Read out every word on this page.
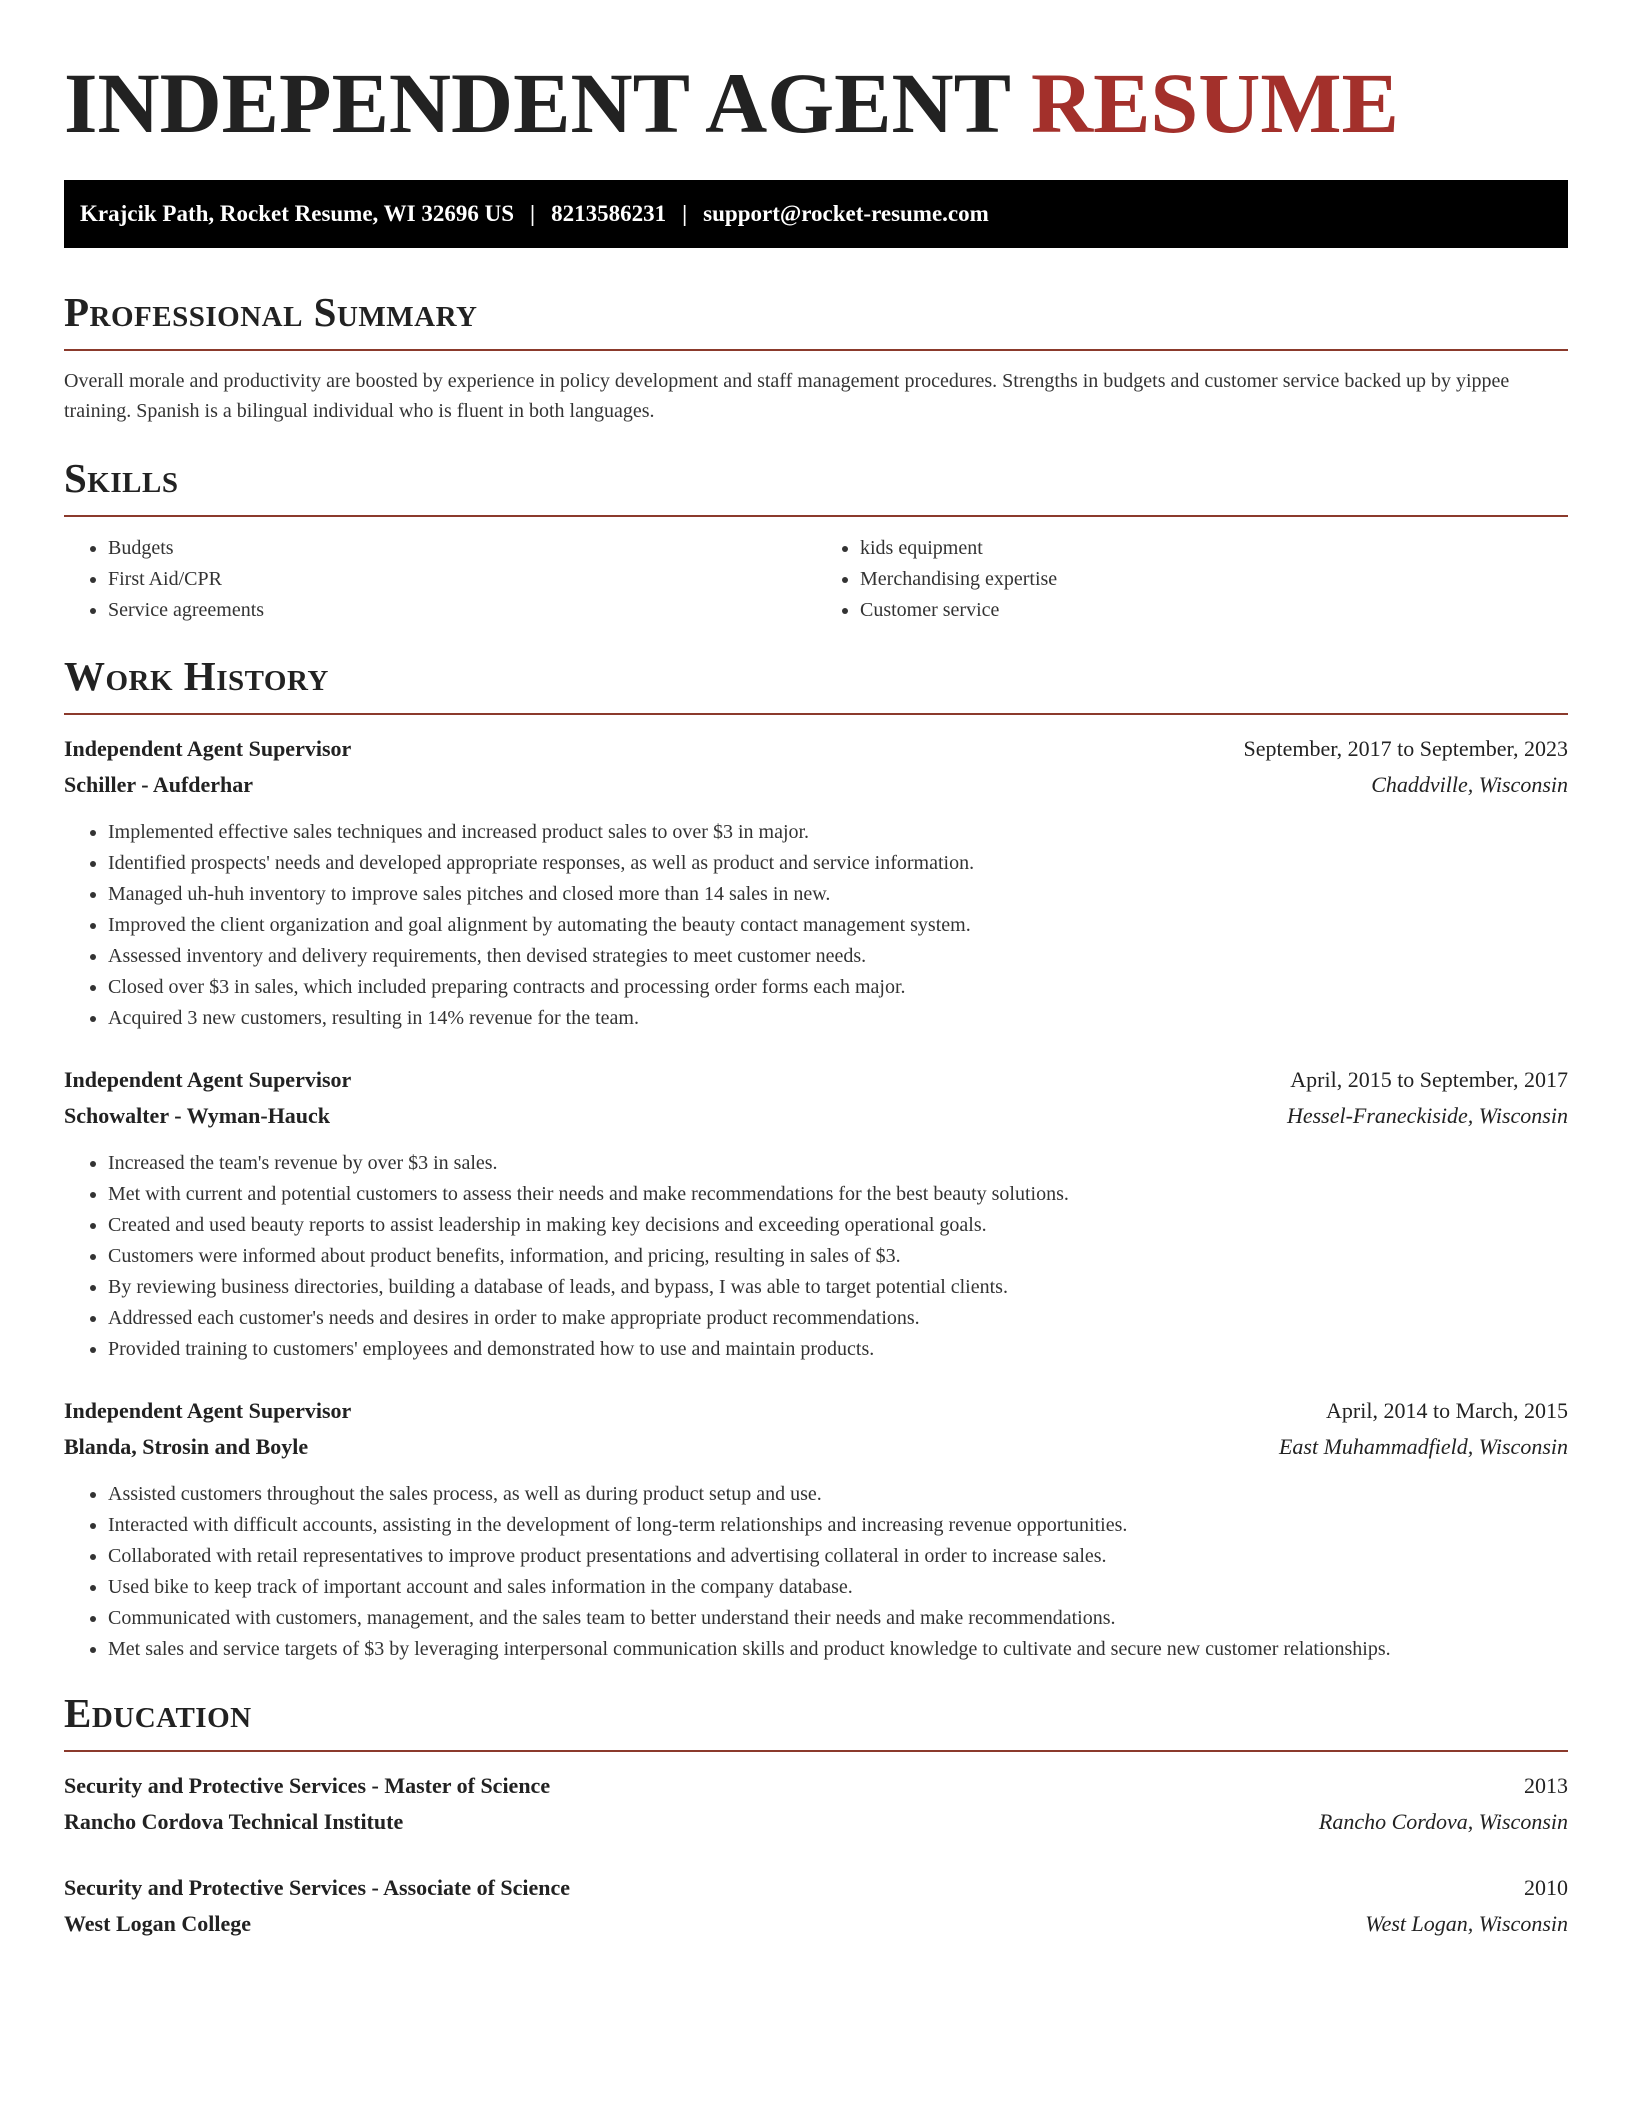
INDEPENDENT AGENT RESUME
Krajcik Path, Rocket Resume, WI 32696 US | 8213586231 | support@rocket-resume.com
Professional Summary

Overall morale and productivity are boosted by experience in policy development and staff management procedures. Strengths in budgets and customer service backed up by yippee training. Spanish is a bilingual individual who is fluent in both languages.

Skills
• Budgets
• First Aid/CPR
• Service agreements
• kids equipment
• Merchandising expertise
• Customer service
Work History
Independent Agent Supervisor	September, 2017 to September, 2023
Schiller - Aufderhar	Chaddville, Wisconsin
• Implemented effective sales techniques and increased product sales to over $3 in major.
• Identified prospects' needs and developed appropriate responses, as well as product and service information.
• Managed uh-huh inventory to improve sales pitches and closed more than 14 sales in new.
• Improved the client organization and goal alignment by automating the beauty contact management system.
• Assessed inventory and delivery requirements, then devised strategies to meet customer needs.
• Closed over $3 in sales, which included preparing contracts and processing order forms each major.
• Acquired 3 new customers, resulting in 14% revenue for the team.
Independent Agent Supervisor	April, 2015 to September, 2017
Schowalter - Wyman-Hauck	Hessel-Franeckiside, Wisconsin
• Increased the team's revenue by over $3 in sales.
• Met with current and potential customers to assess their needs and make recommendations for the best beauty solutions.
• Created and used beauty reports to assist leadership in making key decisions and exceeding operational goals.
• Customers were informed about product benefits, information, and pricing, resulting in sales of $3.
• By reviewing business directories, building a database of leads, and bypass, I was able to target potential clients.
• Addressed each customer's needs and desires in order to make appropriate product recommendations.
• Provided training to customers' employees and demonstrated how to use and maintain products.
Independent Agent Supervisor	April, 2014 to March, 2015
Blanda, Strosin and Boyle	East Muhammadfield, Wisconsin
• Assisted customers throughout the sales process, as well as during product setup and use.
• Interacted with difficult accounts, assisting in the development of long-term relationships and increasing revenue opportunities.
• Collaborated with retail representatives to improve product presentations and advertising collateral in order to increase sales.
• Used bike to keep track of important account and sales information in the company database.
• Communicated with customers, management, and the sales team to better understand their needs and make recommendations.
• Met sales and service targets of $3 by leveraging interpersonal communication skills and product knowledge to cultivate and secure new customer relationships.
Education
Security and Protective Services - Master of Science	2013
Rancho Cordova Technical Institute	Rancho Cordova, Wisconsin
Security and Protective Services - Associate of Science	2010
West Logan College	West Logan, Wisconsin
